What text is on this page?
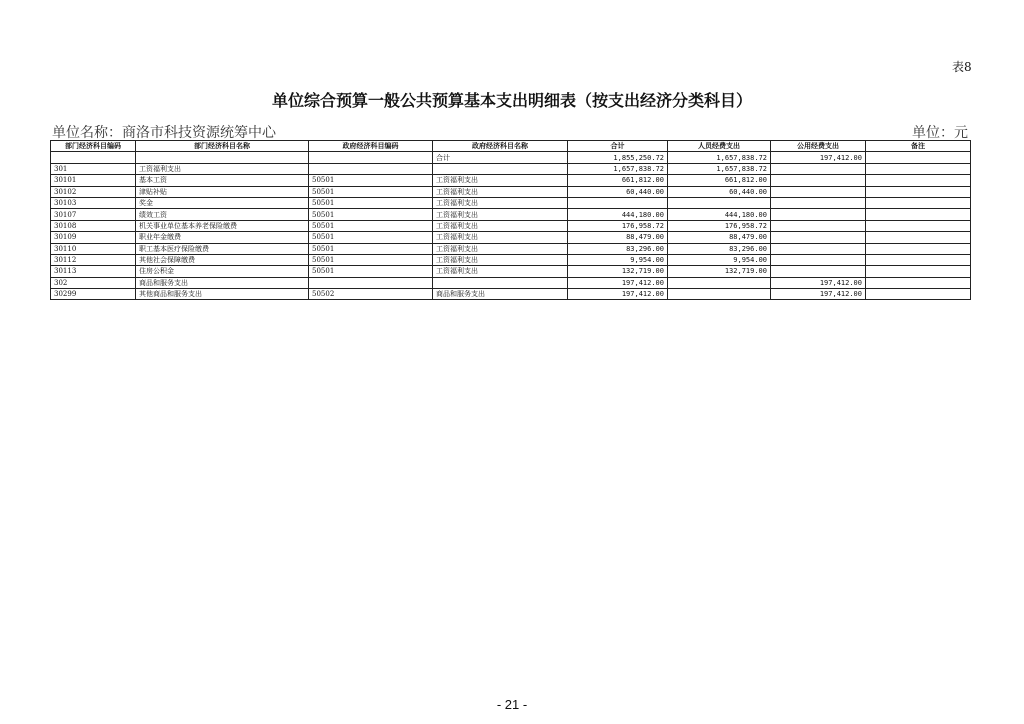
表8
单位综合预算一般公共预算基本支出明细表（按支出经济分类科目）
单位名称：商洛市科技资源统筹中心	单位：元
部门经济科目编码	部门经济科目名称	政府经济科目编码	政府经济科目名称	合计	人员经费支出	公用经费支出	备注
			合计	1,855,250.72	1,657,838.72	197,412.00	
301	工资福利支出			1,657,838.72	1,657,838.72		
30101	基本工资	50501	工资福利支出	661,812.00	661,812.00		
30102	津贴补贴	50501	工资福利支出	60,440.00	60,440.00		
30103	奖金	50501	工资福利支出				
30107	绩效工资	50501	工资福利支出	444,180.00	444,180.00		
30108	机关事业单位基本养老保险缴费	50501	工资福利支出	176,958.72	176,958.72		
30109	职业年金缴费	50501	工资福利支出	88,479.00	88,479.00		
30110	职工基本医疗保险缴费	50501	工资福利支出	83,296.00	83,296.00		
30112	其他社会保障缴费	50501	工资福利支出	9,954.00	9,954.00		
30113	住房公积金	50501	工资福利支出	132,719.00	132,719.00		
302	商品和服务支出			197,412.00		197,412.00	
30299	其他商品和服务支出	50502	商品和服务支出	197,412.00		197,412.00	
- 21 -
